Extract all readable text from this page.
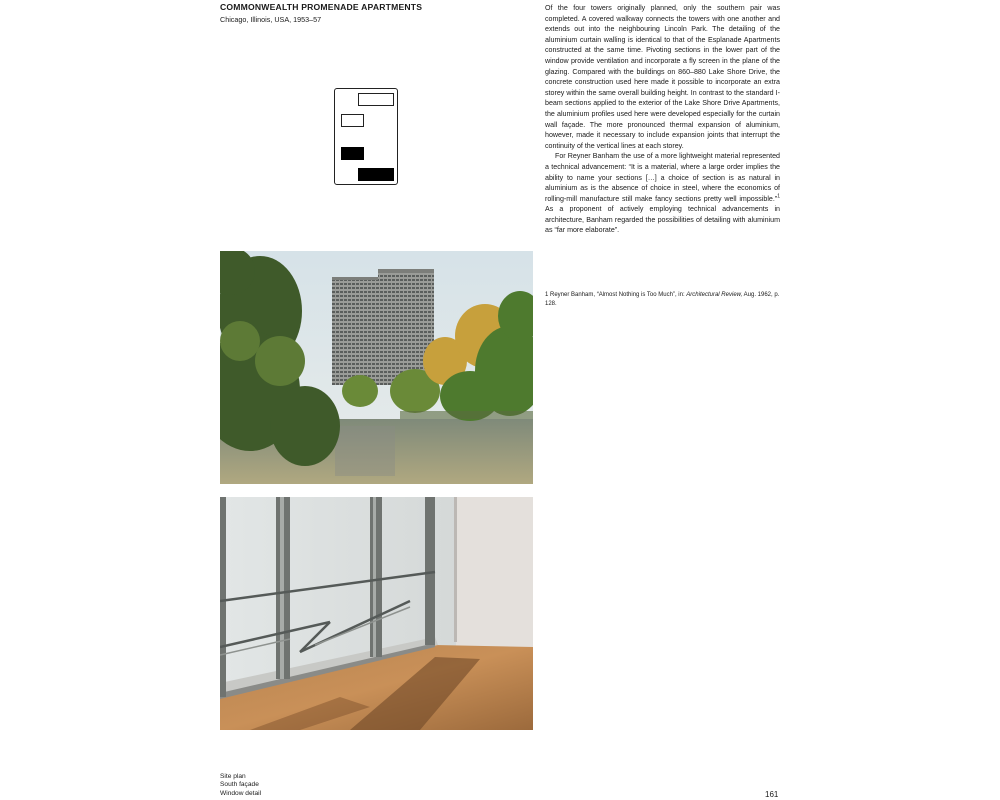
COMMONWEALTH PROMENADE APARTMENTS
Chicago, Illinois, USA, 1953–57

Of the four towers originally planned, only the southern pair was completed. A covered walkway connects the towers with one another and extends out into the neighbouring Lincoln Park. The detailing of the aluminium curtain walling is identical to that of the Esplanade Apartments constructed at the same time. Pivoting sections in the lower part of the window provide ventilation and incorporate a fly screen in the plane of the glazing. Compared with the buildings on 860–880 Lake Shore Drive, the concrete construction used here made it possible to incorporate an extra storey within the same overall building height. In contrast to the standard I-beam sections applied to the exterior of the Lake Shore Drive Apartments, the aluminium profiles used here were developed especially for the curtain wall façade. The more pronounced thermal expansion of aluminium, however, made it necessary to include expansion joints that interrupt the continuity of the vertical lines at each storey.

For Reyner Banham the use of a more lightweight material represented a technical advancement: “It is a material, where a large order implies the ability to name your sections […] a choice of section is as natural in aluminium as is the absence of choice in steel, where the economics of rolling-mill manufacture still make fancy sections pretty well impossible.”$^1$ As a proponent of actively employing technical advancements in architecture, Banham regarded the possibilities of detailing with aluminium as “far more elaborate”.

1 Reyner Banham, “Almost Nothing is Too Much”, in: Architectural Review, Aug. 1962, p. 128.
Site plan
South façade
Window detail	161
